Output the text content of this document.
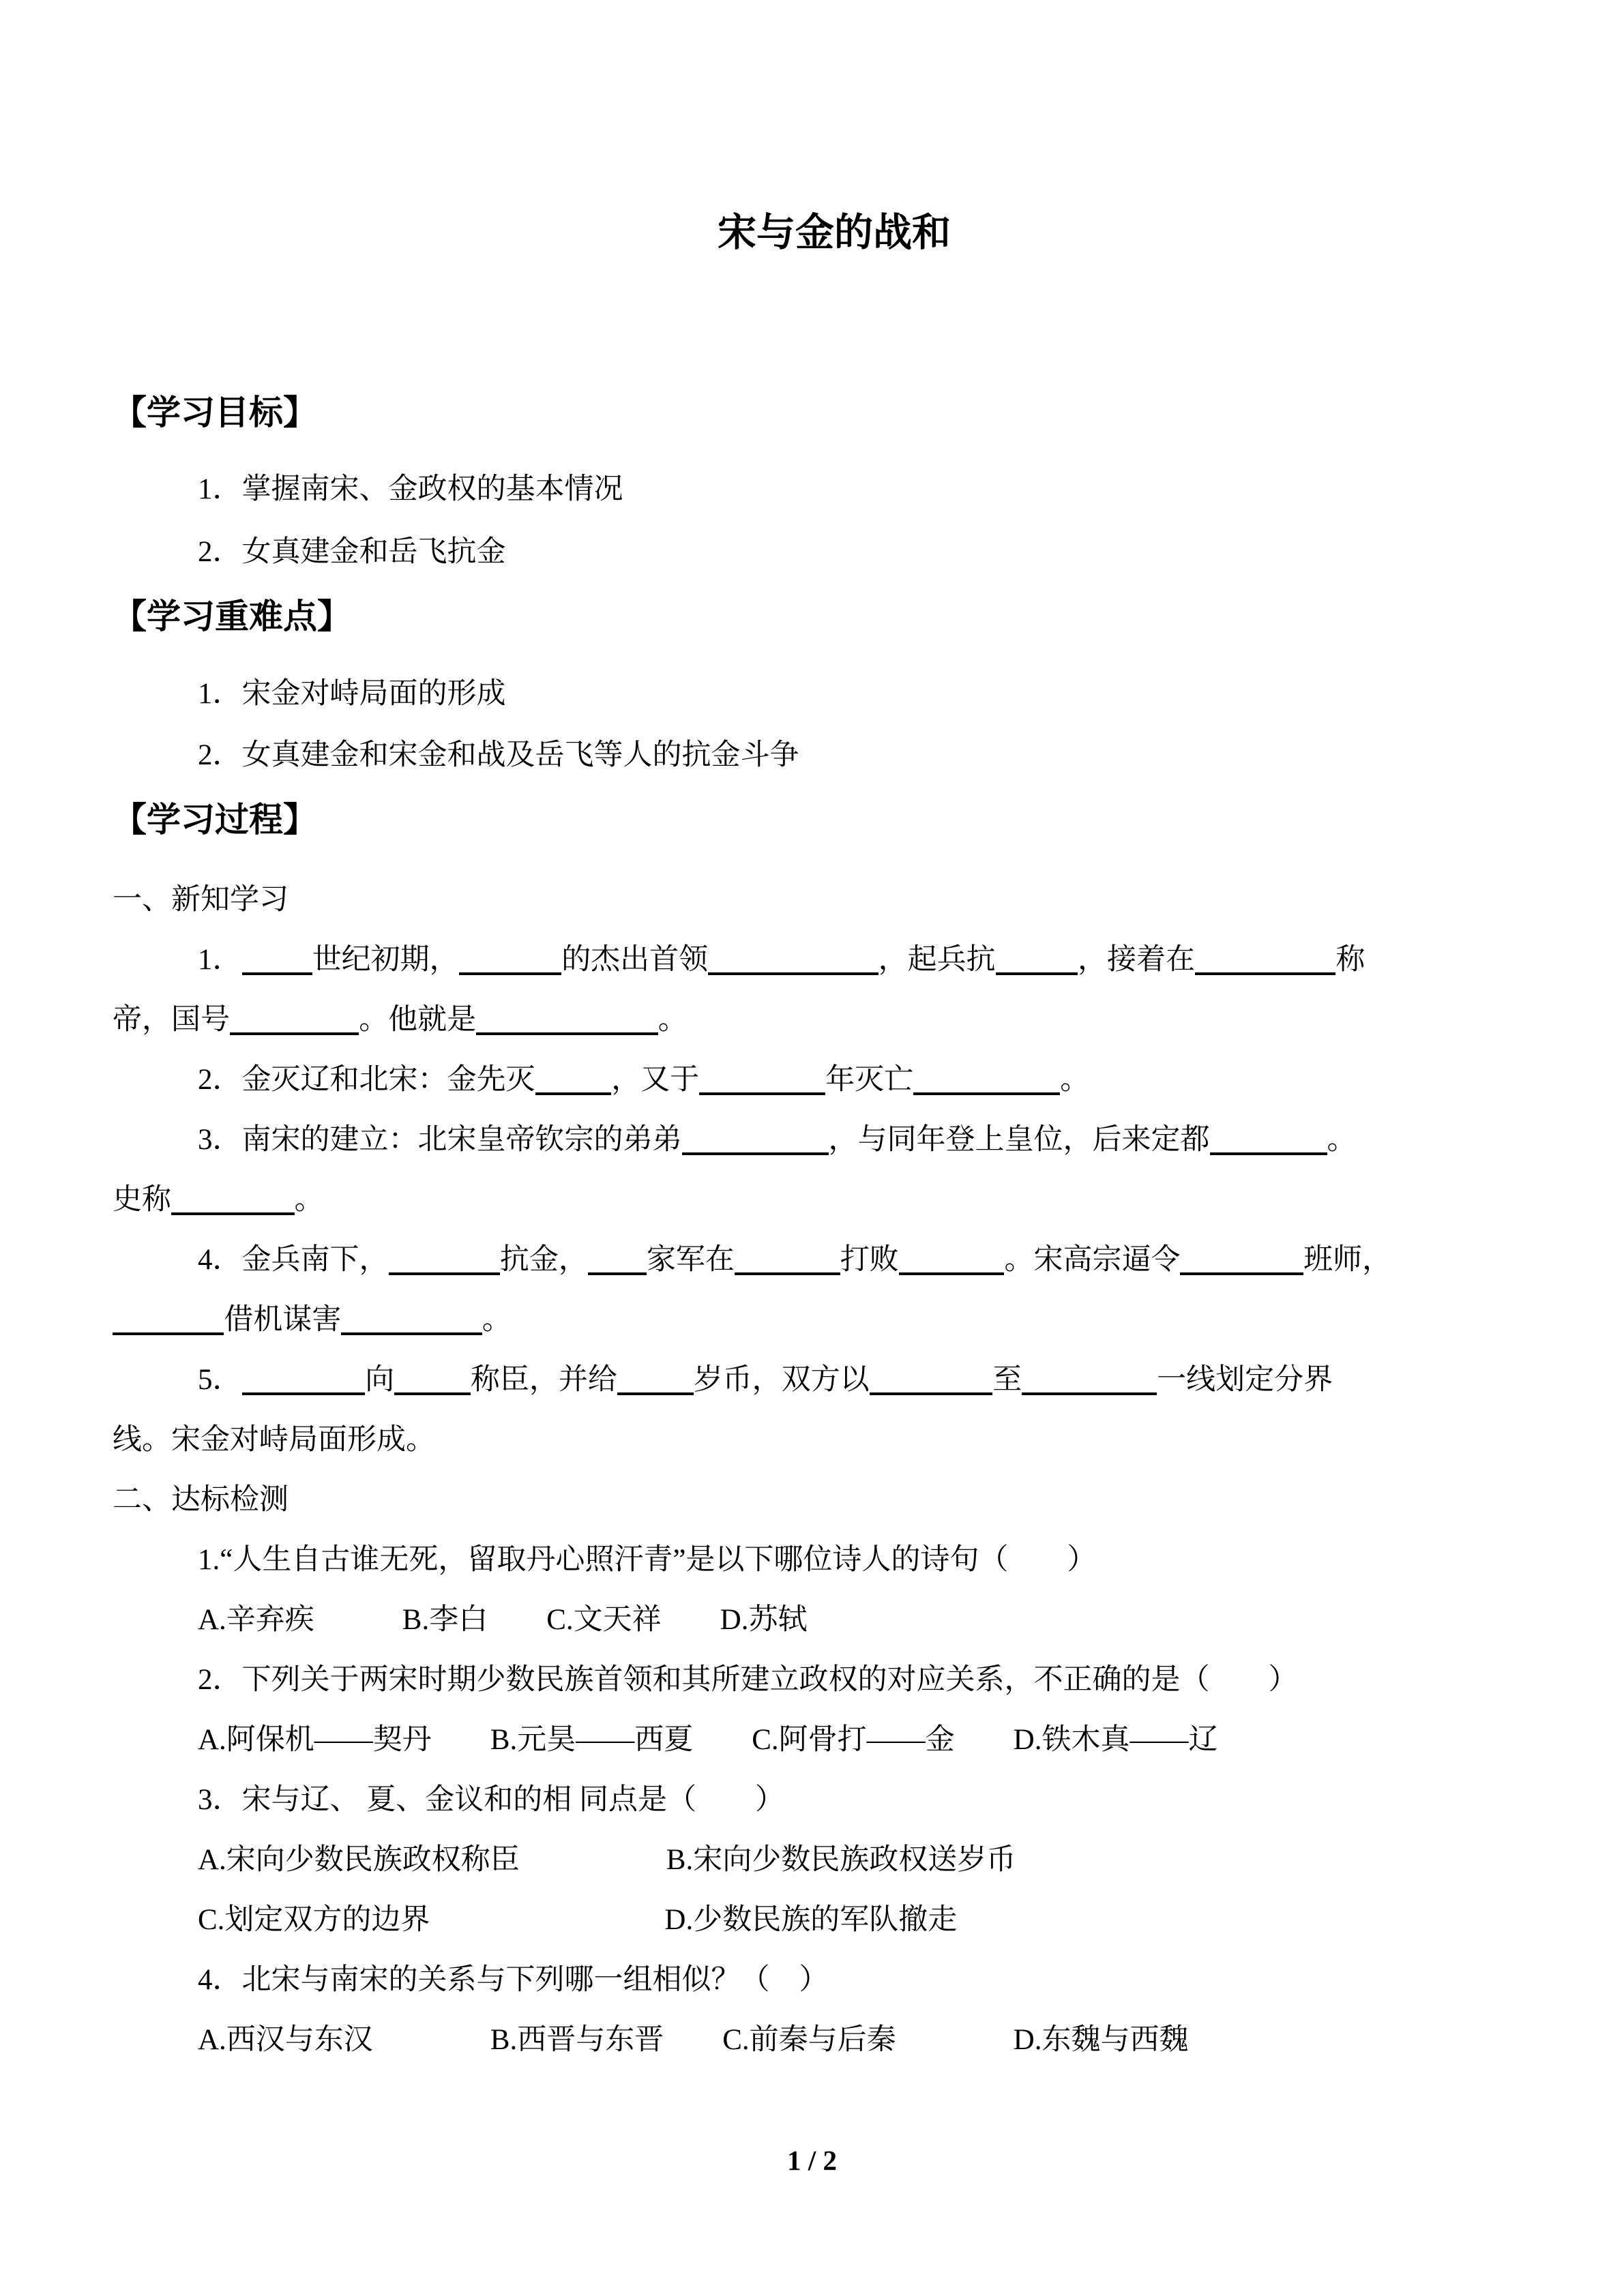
宋与金的战和
【学习目标】
1．掌握南宋、金政权的基本情况
2．女真建金和岳飞抗金
【学习重难点】
1．宋金对峙局面的形成
2．女真建金和宋金和战及岳飞等人的抗金斗争
【学习过程】
一、新知学习
1． 世纪初期，	的杰出首领	，起兵抗	，接着在	称
帝，国号	。他就是	。
2．金灭辽和北宋：金先灭	，又于	年灭亡	。
3．南宋的建立：北宋皇帝钦宗的弟弟	，与同年登上皇位，后来定都	。
史称	。
4．金兵南下，	抗金， 家军在	打败	。宋高宗逼令	班师，
借机谋害	。
5．	向	称臣，并给	岁币，双方以	至	一线划定分界
线。宋金对峙局面形成。
二、达标检测
1.“人生自古谁无死，留取丹心照汗青”是以下哪位诗人的诗句（　　）
A.辛弃疾　　　B.李白　　C.文天祥　　D.苏轼
2．下列关于两宋时期少数民族首领和其所建立政权的对应关系，不正确的是（　　）
A.阿保机——契丹　　B.元昊——西夏　　C.阿骨打——金　　D.铁木真——辽
3．宋与辽、 夏、金议和的相 同点是（　　）
A.宋向少数民族政权称臣　　　　　B.宋向少数民族政权送岁币
C.划定双方的边界　　　　　　　　D.少数民族的军队撤走
4．北宋与南宋的关系与下列哪一组相似？（　）
A.西汉与东汉　　　　B.西晋与东晋　　C.前秦与后秦　　　　D.东魏与西魏
1 / 2
